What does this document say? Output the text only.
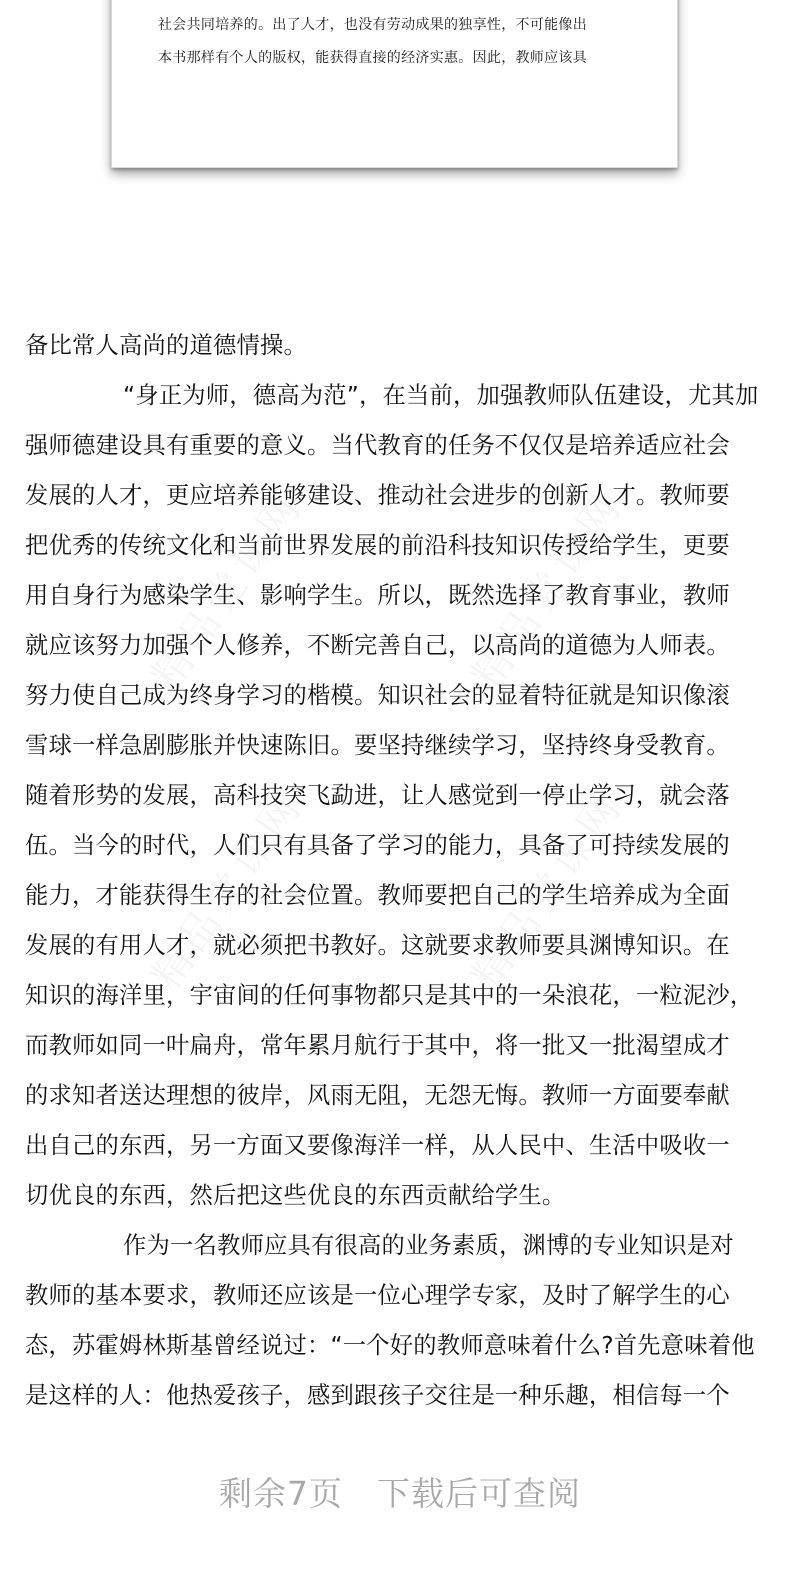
社会共同培养的。出了人才，也没有劳动成果的独享性，不可能像出
本书那样有个人的版权，能获得直接的经济实惠。因此，教师应该具
备比常人高尚的道德情操。
“身正为师，德高为范”，在当前，加强教师队伍建设，尤其加
强师德建设具有重要的意义。当代教育的任务不仅仅是培养适应社会
发展的人才，更应培养能够建设、推动社会进步的创新人才。教师要
把优秀的传统文化和当前世界发展的前沿科技知识传授给学生，更要
用自身行为感染学生、影响学生。所以，既然选择了教育事业，教师
就应该努力加强个人修养，不断完善自己，以高尚的道德为人师表。
努力使自己成为终身学习的楷模。知识社会的显着特征就是知识像滚
雪球一样急剧膨胀并快速陈旧。要坚持继续学习，坚持终身受教育。
随着形势的发展，高科技突飞勐进，让人感觉到一停止学习，就会落
伍。当今的时代，人们只有具备了学习的能力，具备了可持续发展的
能力，才能获得生存的社会位置。教师要把自己的学生培养成为全面
发展的有用人才，就必须把书教好。这就要求教师要具渊博知识。在
知识的海洋里，宇宙间的任何事物都只是其中的一朵浪花，一粒泥沙，
而教师如同一叶扁舟，常年累月航行于其中，将一批又一批渴望成才
的求知者送达理想的彼岸，风雨无阻，无怨无悔。教师一方面要奉献
出自己的东西，另一方面又要像海洋一样，从人民中、生活中吸收一
切优良的东西，然后把这些优良的东西贡献给学生。
作为一名教师应具有很高的业务素质，渊博的专业知识是对
教师的基本要求，教师还应该是一位心理学专家，及时了解学生的心
态，苏霍姆林斯基曾经说过：“一个好的教师意味着什么?首先意味着他
是这样的人：他热爱孩子，感到跟孩子交往是一种乐趣，相信每一个
剩余7页 下载后可查阅
